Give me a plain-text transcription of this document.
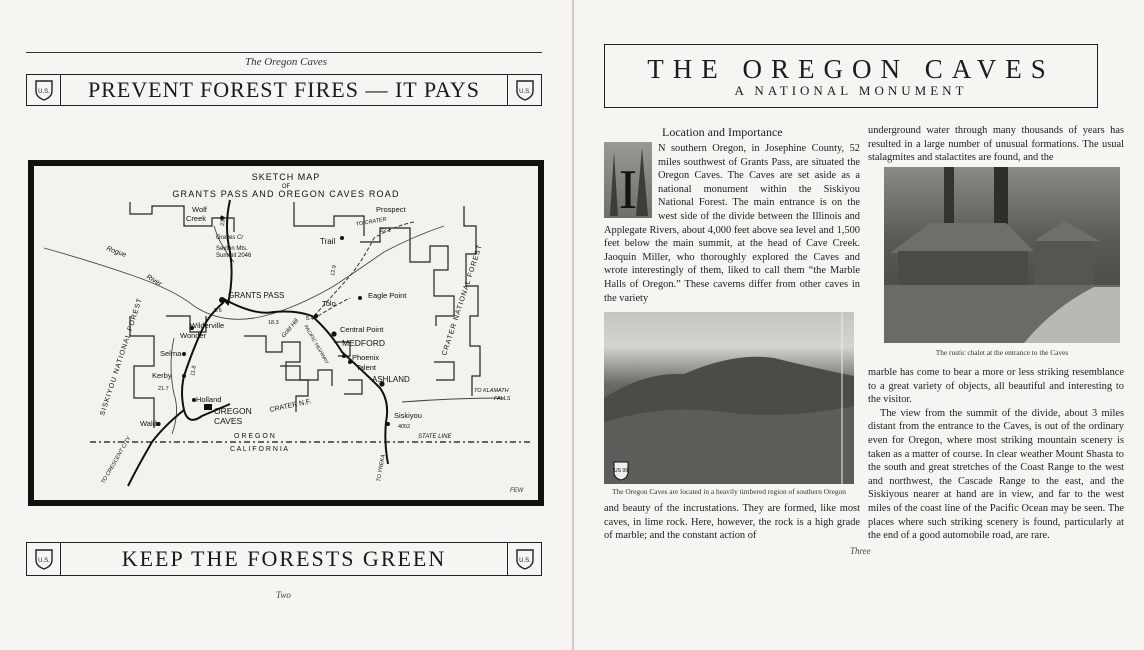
The Oregon Caves
U.S. PREVENT FOREST FIRES — IT PAYS	U.S.
SKETCH MAP
OF
GRANTS PASS AND OREGON CAVES ROAD
Wolf
Creek
Graves Cr
Sexton Mts.
Summit 2046
Prospect
TO CRATER
Trail
Rogue
River
GRANTS PASS
Tolo
Eagle Point
Wilderville
Wonder	Gold Hill	Central Point
MEDFORD
Selma	Phoenix
Talent
Kerby	ASHLAND
Holland
OREGON
CAVES
CRATER N.F.
Waldo
Siskiyou
O R E G O N
C A L I F O R N I A
STATE LINE
TO KLAMATH
FALLS
SISKIYOU NATIONAL FOREST	CRATER NATIONAL FOREST
TO CRESCENT CITY	TO YREKA
PACIFIC HIGHWAY
23.7
22.1
12.9
9.6
18.3
5.4
21.7
11.8
4052
FEW
U.S.	KEEP THE FORESTS GREEN	U.S.
Two
THE OREGON CAVES
A NATIONAL MONUMENT
Location and Importance
I

N southern Oregon, in Josephine County, 52 miles southwest of Grants Pass, are situated the Oregon Caves. The Caves are set aside as a national monument within the Siskiyou National Forest. The main entrance is on the west side of the divide between the Illinois and Applegate Rivers, about 4,000 feet above sea level and 1,500 feet below the main summit, at the head of Cave Creek. Jaoquin Miller, who thoroughly explored the Caves and wrote interestingly of them, liked to call them “the Marble Halls of Oregon.” These caverns differ from other caves in the variety

US 99
The Oregon Caves are located in a heavily timbered region of southern Oregon

and beauty of the incrustations. They are formed, like most caves, in lime rock. Here, however, the rock is a high grade of marble; and the constant action of

underground water through many thousands of years has resulted in a large number of unusual formations. The usual stalagmites and stalactites are found, and the

The rustic chalet at the entrance to the Caves

marble has come to bear a more or less striking resemblance to a great variety of objects, all beautiful and interesting to the visitor.

The view from the summit of the divide, about 3 miles distant from the entrance to the Caves, is out of the ordinary even for Oregon, where most striking mountain scenery is taken as a matter of course. In clear weather Mount Shasta to the south and great stretches of the Coast Range to the west and northwest, the Cascade Range to the east, and the Siskiyous nearer at hand are in view, and far to the west miles of the coast line of the Pacific Ocean may be seen. The places where such striking scenery is found, particularly at the end of a good automobile road, are rare.

Three
